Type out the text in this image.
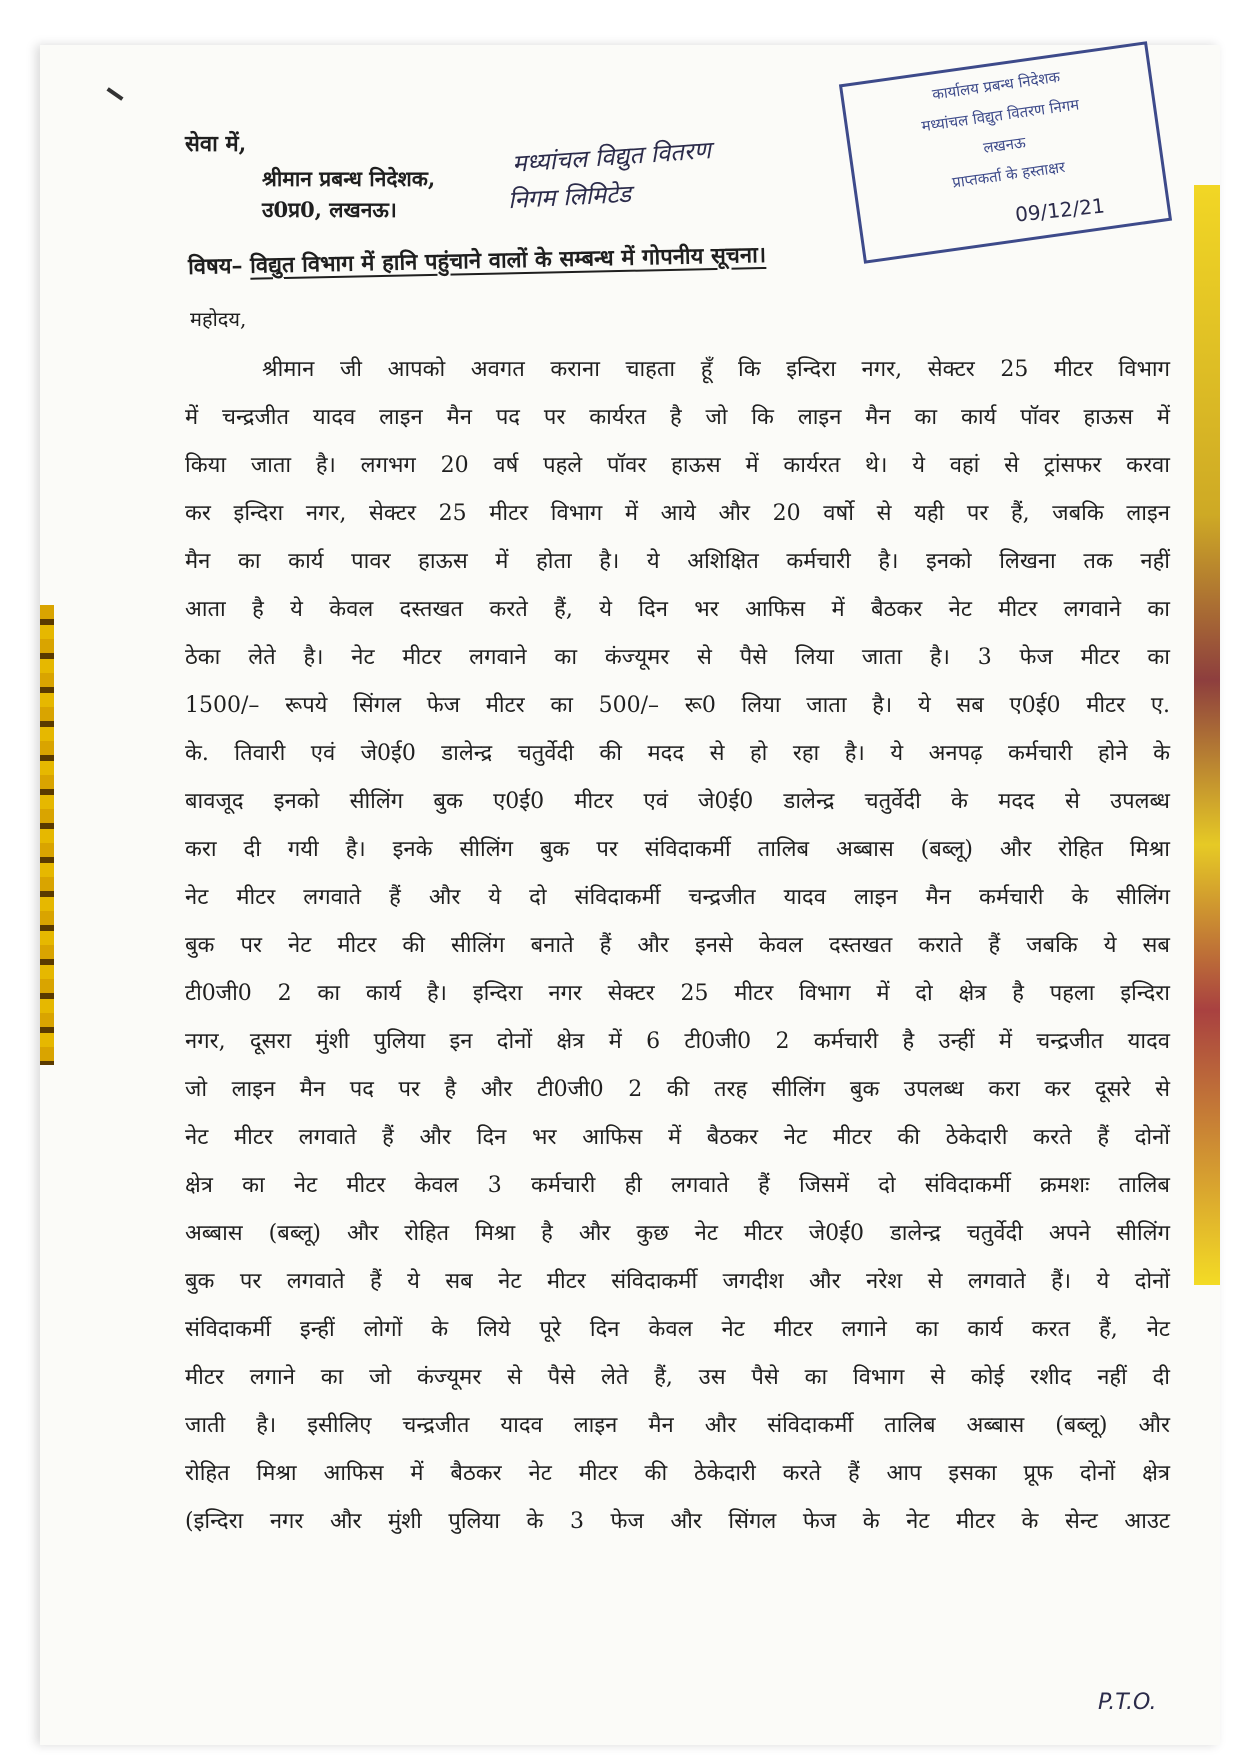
सेवा में,
श्रीमान प्रबन्ध निदेशक,
उ0प्र0, लखनऊ।
मध्यांचल विद्युत वितरण
निगम लिमिटेड
कार्यालय प्रबन्ध निदेशक
मध्यांचल विद्युत वितरण निगम
लखनऊ
प्राप्तकर्ता के हस्ताक्षर
09/12/21
विषय– विद्युत विभाग में हानि पहुंचाने वालों के सम्बन्ध में गोपनीय सूचना।
महोदय,
श्रीमान जी आपको अवगत कराना चाहता हूँ कि इन्दिरा नगर, सेक्टर 25 मीटर विभाग
में चन्द्रजीत यादव लाइन मैन पद पर कार्यरत है जो कि लाइन मैन का कार्य पॉवर हाऊस में
किया जाता है। लगभग 20 वर्ष पहले पॉवर हाऊस में कार्यरत थे। ये वहां से ट्रांसफर करवा
कर इन्दिरा नगर, सेक्टर 25 मीटर विभाग में आये और 20 वर्षो से यही पर हैं, जबकि लाइन
मैन का कार्य पावर हाऊस में होता है। ये अशिक्षित कर्मचारी है। इनको लिखना तक नहीं
आता है ये केवल दस्तखत करते हैं, ये दिन भर आफिस में बैठकर नेट मीटर लगवाने का
ठेका लेते है। नेट मीटर लगवाने का कंज्यूमर से पैसे लिया जाता है। 3 फेज मीटर का
1500/– रूपये सिंगल फेज मीटर का 500/– रू0 लिया जाता है। ये सब ए0ई0 मीटर ए.
के. तिवारी एवं जे0ई0 डालेन्द्र चतुर्वेदी की मदद से हो रहा है। ये अनपढ़ कर्मचारी होने के
बावजूद इनको सीलिंग बुक ए0ई0 मीटर एवं जे0ई0 डालेन्द्र चतुर्वेदी के मदद से उपलब्ध
करा दी गयी है। इनके सीलिंग बुक पर संविदाकर्मी तालिब अब्बास (बब्लू) और रोहित मिश्रा
नेट मीटर लगवाते हैं और ये दो संविदाकर्मी चन्द्रजीत यादव लाइन मैन कर्मचारी के सीलिंग
बुक पर नेट मीटर की सीलिंग बनाते हैं और इनसे केवल दस्तखत कराते हैं जबकि ये सब
टी0जी0 2 का कार्य है। इन्दिरा नगर सेक्टर 25 मीटर विभाग में दो क्षेत्र है पहला इन्दिरा
नगर, दूसरा मुंशी पुलिया इन दोनों क्षेत्र में 6 टी0जी0 2 कर्मचारी है उन्हीं में चन्द्रजीत यादव
जो लाइन मैन पद पर है और टी0जी0 2 की तरह सीलिंग बुक उपलब्ध करा कर दूसरे से
नेट मीटर लगवाते हैं और दिन भर आफिस में बैठकर नेट मीटर की ठेकेदारी करते हैं दोनों
क्षेत्र का नेट मीटर केवल 3 कर्मचारी ही लगवाते हैं जिसमें दो संविदाकर्मी क्रमशः तालिब
अब्बास (बब्लू) और रोहित मिश्रा है और कुछ नेट मीटर जे0ई0 डालेन्द्र चतुर्वेदी अपने सीलिंग
बुक पर लगवाते हैं ये सब नेट मीटर संविदाकर्मी जगदीश और नरेश से लगवाते हैं। ये दोनों
संविदाकर्मी इन्हीं लोगों के लिये पूरे दिन केवल नेट मीटर लगाने का कार्य करत हैं, नेट
मीटर लगाने का जो कंज्यूमर से पैसे लेते हैं, उस पैसे का विभाग से कोई रशीद नहीं दी
जाती है। इसीलिए चन्द्रजीत यादव लाइन मैन और संविदाकर्मी तालिब अब्बास (बब्लू) और
रोहित मिश्रा आफिस में बैठकर नेट मीटर की ठेकेदारी करते हैं आप इसका प्रूफ दोनों क्षेत्र
(इन्दिरा नगर और मुंशी पुलिया के 3 फेज और सिंगल फेज के नेट मीटर के सेन्ट आउट
P.T.O.
